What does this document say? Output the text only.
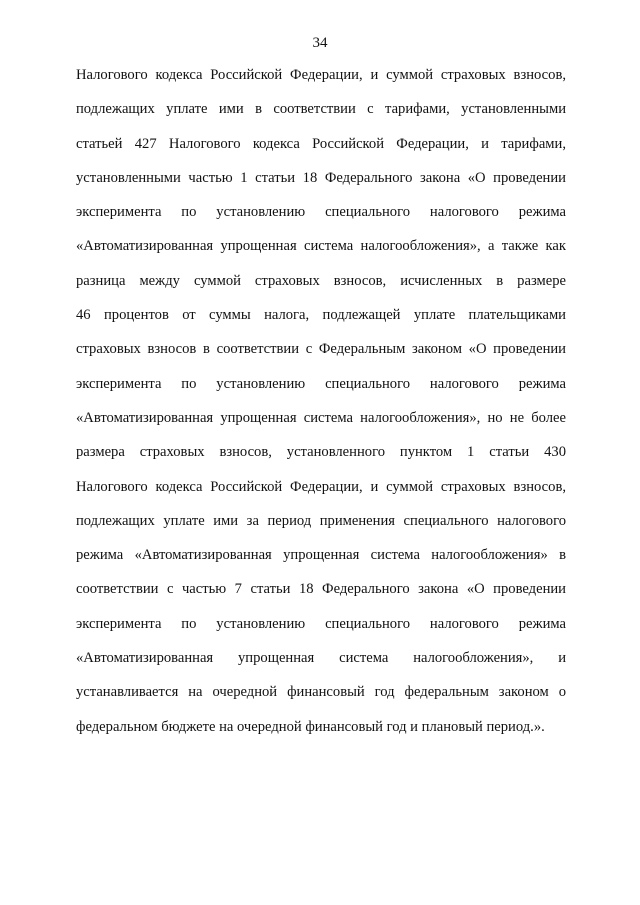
34
Налогового кодекса Российской Федерации, и суммой страховых взносов,
подлежащих уплате ими в соответствии с тарифами, установленными
статьей 427 Налогового кодекса Российской Федерации, и тарифами,
установленными частью 1 статьи 18 Федерального закона «О проведении
эксперимента по установлению специального налогового режима
«Автоматизированная упрощенная система налогообложения», а также как
разница между суммой страховых взносов, исчисленных в размере
46 процентов от суммы налога, подлежащей уплате плательщиками
страховых взносов в соответствии с Федеральным законом «О проведении
эксперимента по установлению специального налогового режима
«Автоматизированная упрощенная система налогообложения», но не более
размера страховых взносов, установленного пунктом 1 статьи 430
Налогового кодекса Российской Федерации, и суммой страховых взносов,
подлежащих уплате ими за период применения специального налогового
режима «Автоматизированная упрощенная система налогообложения» в
соответствии с частью 7 статьи 18 Федерального закона «О проведении
эксперимента по установлению специального налогового режима
«Автоматизированная упрощенная система налогообложения», и
устанавливается на очередной финансовый год федеральным законом о
федеральном бюджете на очередной финансовый год и плановый период.».
